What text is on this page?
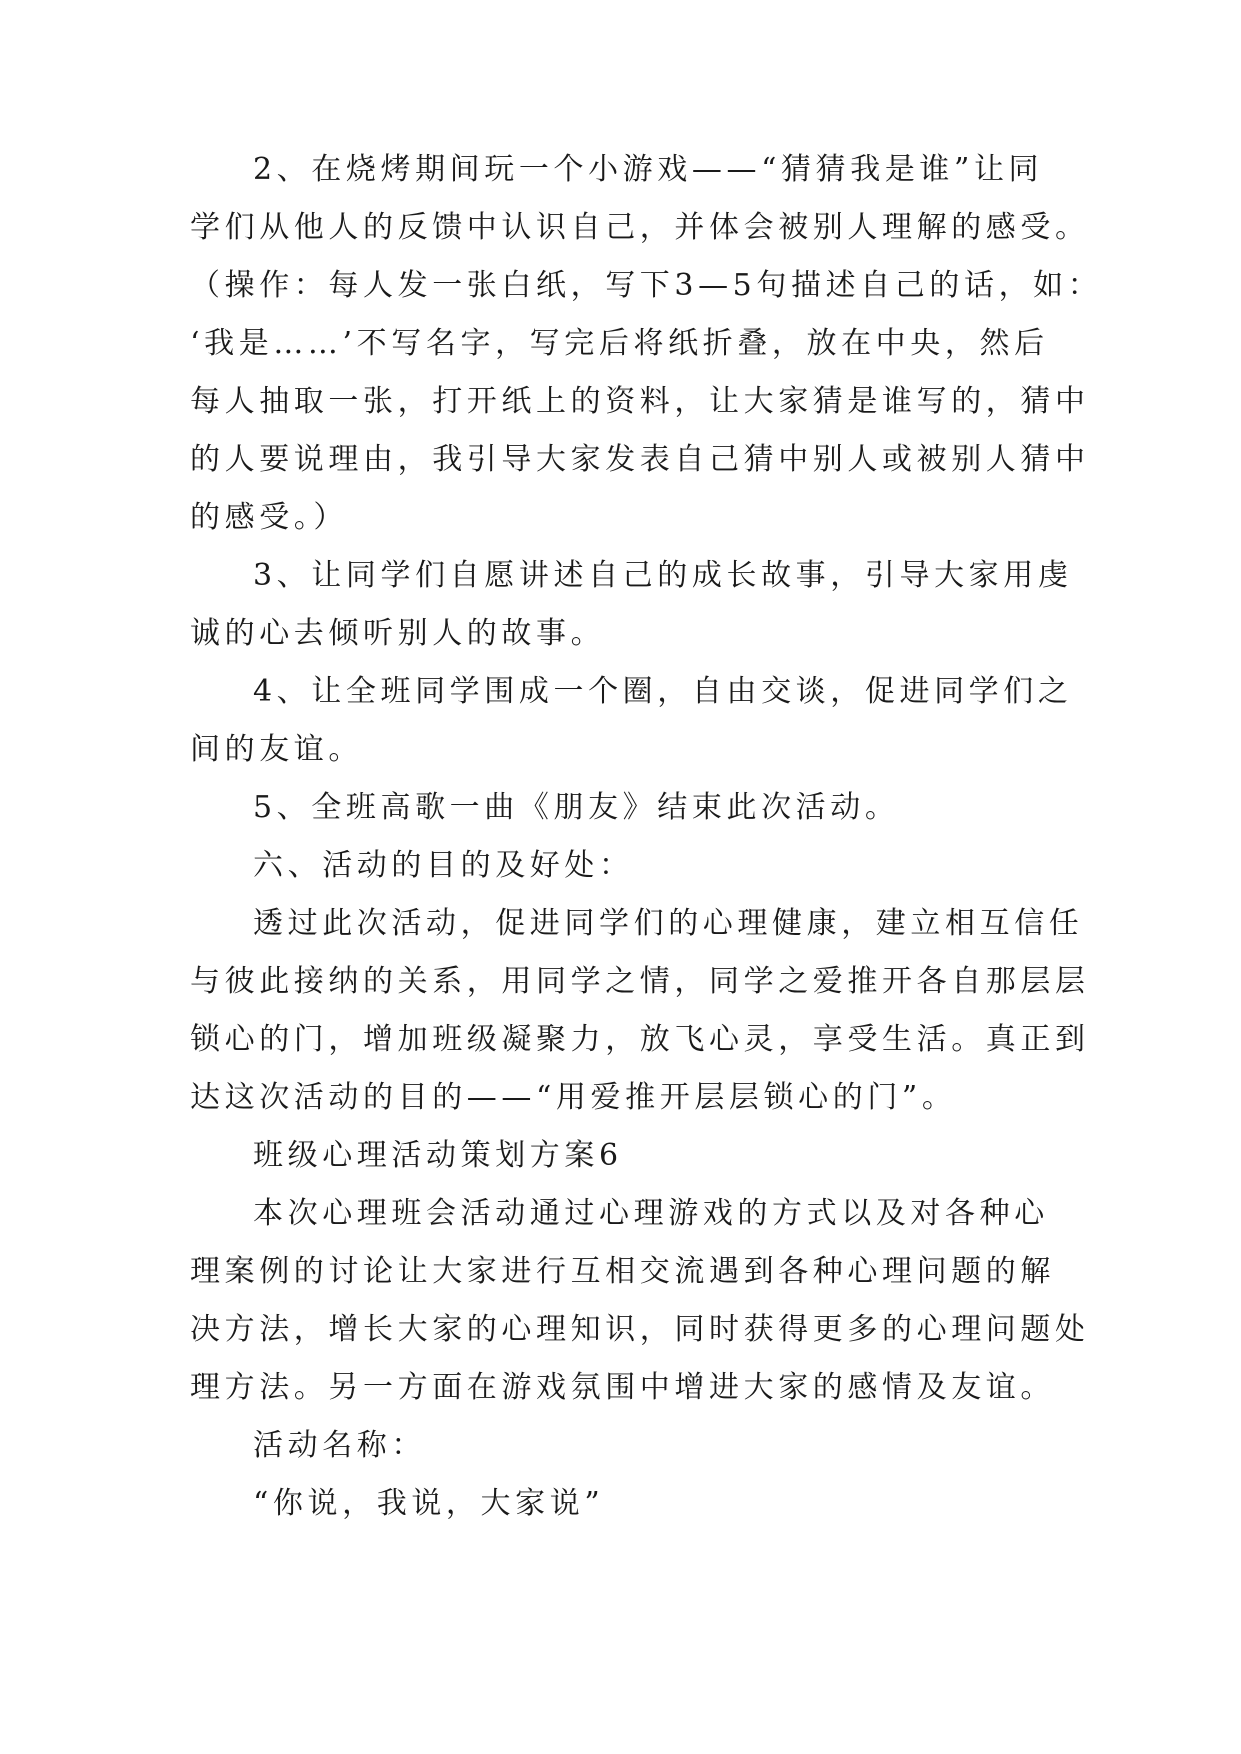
2、在烧烤期间玩一个小游戏——“猜猜我是谁”让同
学们从他人的反馈中认识自己，并体会被别人理解的感受。
（操作：每人发一张白纸，写下3—5句描述自己的话，如：
‘我是……’不写名字，写完后将纸折叠，放在中央，然后
每人抽取一张，打开纸上的资料，让大家猜是谁写的，猜中
的人要说理由，我引导大家发表自己猜中别人或被别人猜中
的感受。）
3、让同学们自愿讲述自己的成长故事，引导大家用虔
诚的心去倾听别人的故事。
4、让全班同学围成一个圈，自由交谈，促进同学们之
间的友谊。
5、全班高歌一曲《朋友》结束此次活动。
六、活动的目的及好处：
透过此次活动，促进同学们的心理健康，建立相互信任
与彼此接纳的关系，用同学之情，同学之爱推开各自那层层
锁心的门，增加班级凝聚力，放飞心灵，享受生活。真正到
达这次活动的目的——“用爱推开层层锁心的门”。
班级心理活动策划方案6
本次心理班会活动通过心理游戏的方式以及对各种心
理案例的讨论让大家进行互相交流遇到各种心理问题的解
决方法，增长大家的心理知识，同时获得更多的心理问题处
理方法。另一方面在游戏氛围中增进大家的感情及友谊。
活动名称：
“你说，我说，大家说”
